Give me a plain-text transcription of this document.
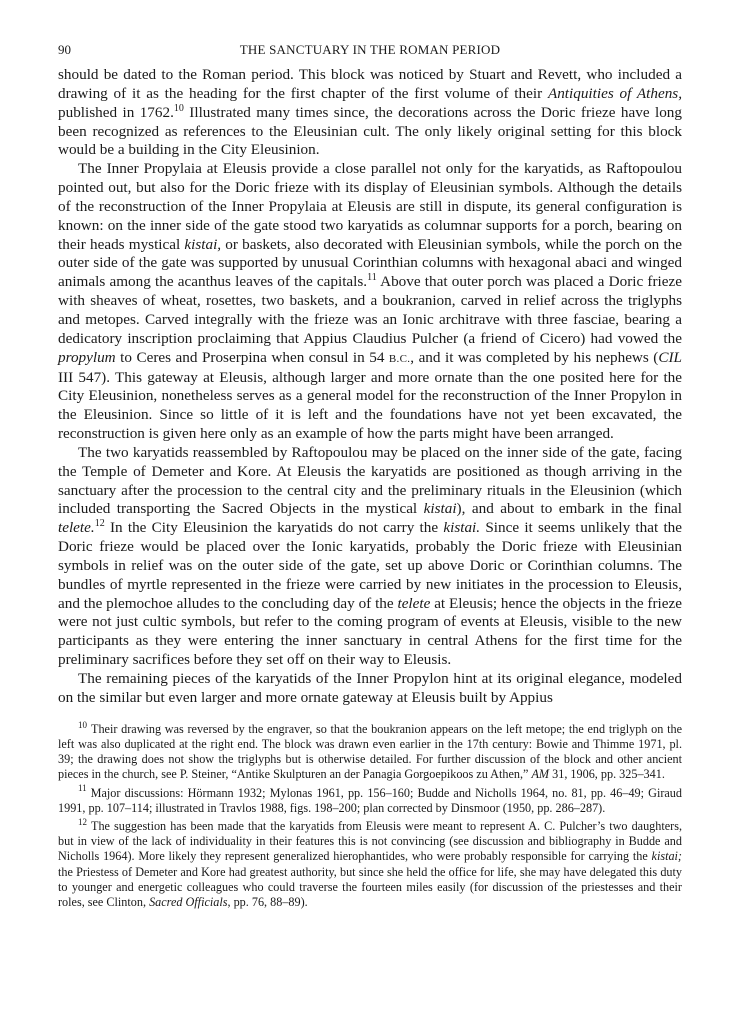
90	THE SANCTUARY IN THE ROMAN PERIOD

should be dated to the Roman period. This block was noticed by Stuart and Revett, who included a drawing of it as the heading for the first chapter of the first volume of their Antiquities of Athens, published in 1762.10 Illustrated many times since, the decorations across the Doric frieze have long been recognized as references to the Eleusinian cult. The only likely original setting for this block would be a building in the City Eleusinion.

The Inner Propylaia at Eleusis provide a close parallel not only for the karyatids, as Raftopoulou pointed out, but also for the Doric frieze with its display of Eleusinian symbols. Although the details of the reconstruction of the Inner Propylaia at Eleusis are still in dispute, its general configuration is known: on the inner side of the gate stood two karyatids as columnar supports for a porch, bearing on their heads mystical kistai, or baskets, also decorated with Eleusinian symbols, while the porch on the outer side of the gate was supported by unusual Corinthian columns with hexagonal abaci and winged animals among the acanthus leaves of the capitals.$^{11}$ Above that outer porch was placed a Doric frieze with sheaves of wheat, rosettes, two baskets, and a boukranion, carved in relief across the triglyphs and metopes. Carved integrally with the frieze was an Ionic architrave with three fasciae, bearing a dedicatory inscription proclaiming that Appius Claudius Pulcher (a friend of Cicero) had vowed the propylum to Ceres and Proserpina when consul in 54 B.C., and it was completed by his nephews (CIL III 547). This gateway at Eleusis, although larger and more ornate than the one posited here for the City Eleusinion, nonetheless serves as a general model for the reconstruction of the Inner Propylon in the Eleusinion. Since so little of it is left and the foundations have not yet been excavated, the reconstruction is given here only as an example of how the parts might have been arranged.

The two karyatids reassembled by Raftopoulou may be placed on the inner side of the gate, facing the Temple of Demeter and Kore. At Eleusis the karyatids are positioned as though arriving in the sanctuary after the procession to the central city and the preliminary rituals in the Eleusinion (which included transporting the Sacred Objects in the mystical kistai), and about to embark in the final telete.$^{12}$ In the City Eleusinion the karyatids do not carry the kistai. Since it seems unlikely that the Doric frieze would be placed over the Ionic karyatids, probably the Doric frieze with Eleusinian symbols in relief was on the outer side of the gate, set up above Doric or Corinthian columns. The bundles of myrtle represented in the frieze were carried by new initiates in the procession to Eleusis, and the plemochoe alludes to the concluding day of the telete at Eleusis; hence the objects in the frieze were not just cultic symbols, but refer to the coming program of events at Eleusis, visible to the new participants as they were entering the inner sanctuary in central Athens for the first time for the preliminary sacrifices before they set off on their way to Eleusis.

The remaining pieces of the karyatids of the Inner Propylon hint at its original elegance, modeled on the similar but even larger and more ornate gateway at Eleusis built by Appius

$^{10}$ Their drawing was reversed by the engraver, so that the boukranion appears on the left metope; the end triglyph on the left was also duplicated at the right end. The block was drawn even earlier in the 17th century: Bowie and Thimme 1971, pl. 39; the drawing does not show the triglyphs but is otherwise detailed. For further discussion of the block and other ancient pieces in the church, see P. Steiner, “Antike Skulpturen an der Panagia Gorgoepikoos zu Athen,” AM 31, 1906, pp. 325–341.

$^{11}$ Major discussions: Hörmann 1932; Mylonas 1961, pp. 156–160; Budde and Nicholls 1964, no. 81, pp. 46–49; Giraud 1991, pp. 107–114; illustrated in Travlos 1988, figs. 198–200; plan corrected by Dinsmoor (1950, pp. 286–287).

$^{12}$ The suggestion has been made that the karyatids from Eleusis were meant to represent A. C. Pulcher’s two daughters, but in view of the lack of individuality in their features this is not convincing (see discussion and bibliography in Budde and Nicholls 1964). More likely they represent generalized hierophantides, who were probably responsible for carrying the kistai; the Priestess of Demeter and Kore had greatest authority, but since she held the office for life, she may have delegated this duty to younger and energetic colleagues who could traverse the fourteen miles easily (for discussion of the priestesses and their roles, see Clinton, Sacred Officials, pp. 76, 88–89).
